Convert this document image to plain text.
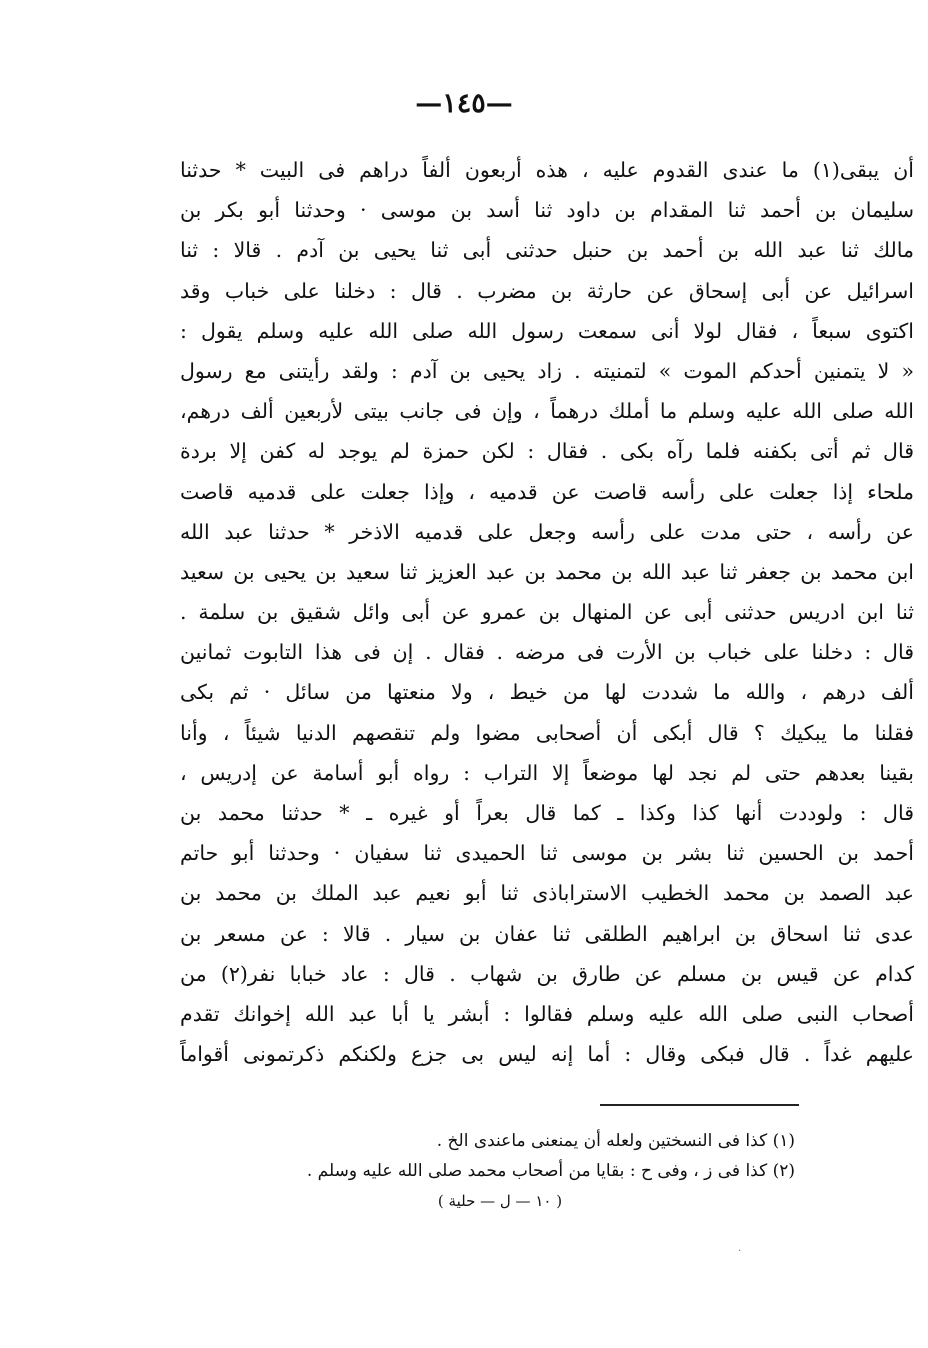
—١٤٥—
أن يبقى(١) ما عندى القدوم عليه ، هذه أربعون ألفاً دراهم فى البيت * حدثنا
سليمان بن أحمد ثنا المقدام بن داود ثنا أسد بن موسى · وحدثنا أبو بكر بن
مالك ثنا عبد الله بن أحمد بن حنبل حدثنى أبى ثنا يحيى بن آدم . قالا : ثنا
اسرائيل عن أبى إسحاق عن حارثة بن مضرب . قال : دخلنا على خباب وقد
اكتوى سبعاً ، فقال لولا أنى سمعت رسول الله صلى الله عليه وسلم يقول :
« لا يتمنين أحدكم الموت » لتمنيته . زاد يحيى بن آدم : ولقد رأيتنى مع رسول
الله صلى الله عليه وسلم ما أملك درهماً ، وإن فى جانب بيتى لأربعين ألف درهم،
قال ثم أتى بكفنه فلما رآه بكى . فقال : لكن حمزة لم يوجد له كفن إلا بردة
ملحاء إذا جعلت على رأسه قاصت عن قدميه ، وإذا جعلت على قدميه قاصت
عن رأسه ، حتى مدت على رأسه وجعل على قدميه الاذخر * حدثنا عبد الله
ابن محمد بن جعفر ثنا عبد الله بن محمد بن عبد العزيز ثنا سعيد بن يحيى بن سعيد
ثنا ابن ادريس حدثنى أبى عن المنهال بن عمرو عن أبى وائل شقيق بن سلمة .
قال : دخلنا على خباب بن الأرت فى مرضه . فقال . إن فى هذا التابوت ثمانين
ألف درهم ، والله ما شددت لها من خيط ، ولا منعتها من سائل · ثم بكى
فقلنا ما يبكيك ؟ قال أبكى أن أصحابى مضوا ولم تنقصهم الدنيا شيئاً ، وأنا
بقينا بعدهم حتى لم نجد لها موضعاً إلا التراب : رواه أبو أسامة عن إدريس ،
قال : ولوددت أنها كذا وكذا ـ كما قال بعراً أو غيره ـ * حدثنا محمد بن
أحمد بن الحسين ثنا بشر بن موسى ثنا الحميدى ثنا سفيان · وحدثنا أبو حاتم
عبد الصمد بن محمد الخطيب الاستراباذى ثنا أبو نعيم عبد الملك بن محمد بن
عدى ثنا اسحاق بن ابراهيم الطلقى ثنا عفان بن سيار . قالا : عن مسعر بن
كدام عن قيس بن مسلم عن طارق بن شهاب . قال : عاد خبابا نفر(٢) من
أصحاب النبى صلى الله عليه وسلم فقالوا : أبشر يا أبا عبد الله إخوانك تقدم
عليهم غداً . قال فبكى وقال : أما إنه ليس بى جزع ولكنكم ذكرتمونى أقواماً
(١) كذا فى النسختين ولعله أن يمنعنى ماعندى الخ .
(٢) كذا فى ز ، وفى ح : بقايا من أصحاب محمد صلى الله عليه وسلم .
( ١٠ — ل — حلية )
·
